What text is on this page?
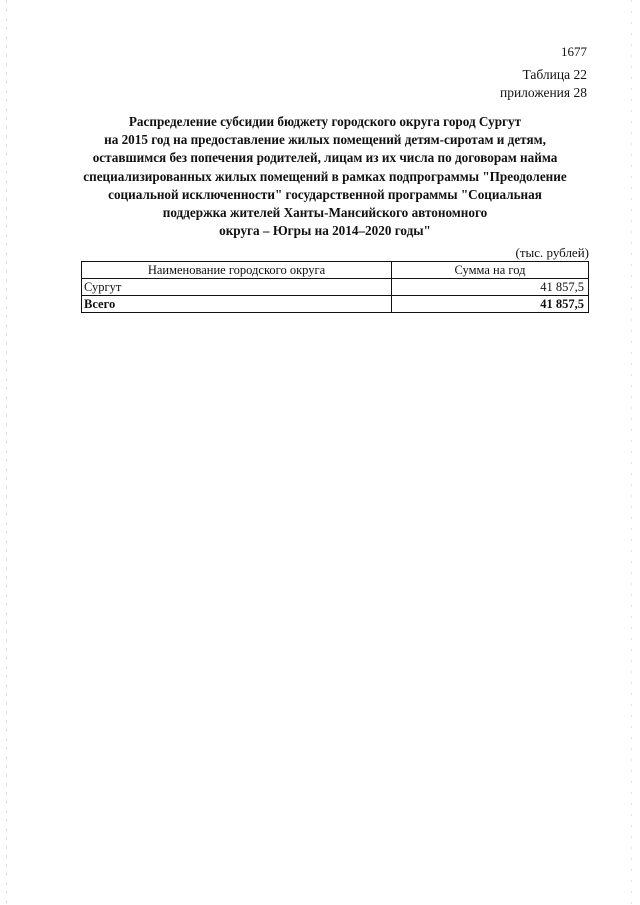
1677
Таблица 22
приложения 28
Распределение субсидии бюджету городского округа город Сургут
на 2015 год на предоставление жилых помещений детям-сиротам и детям,
оставшимся без попечения родителей, лицам из их числа по договорам найма
специализированных жилых помещений в рамках подпрограммы "Преодоление
социальной исключенности" государственной программы "Социальная
поддержка жителей Ханты-Мансийского автономного
округа – Югры на 2014–2020 годы"
(тыс. рублей)
Наименование городского округа	Сумма на год
Сургут	41 857,5
Всего	41 857,5
